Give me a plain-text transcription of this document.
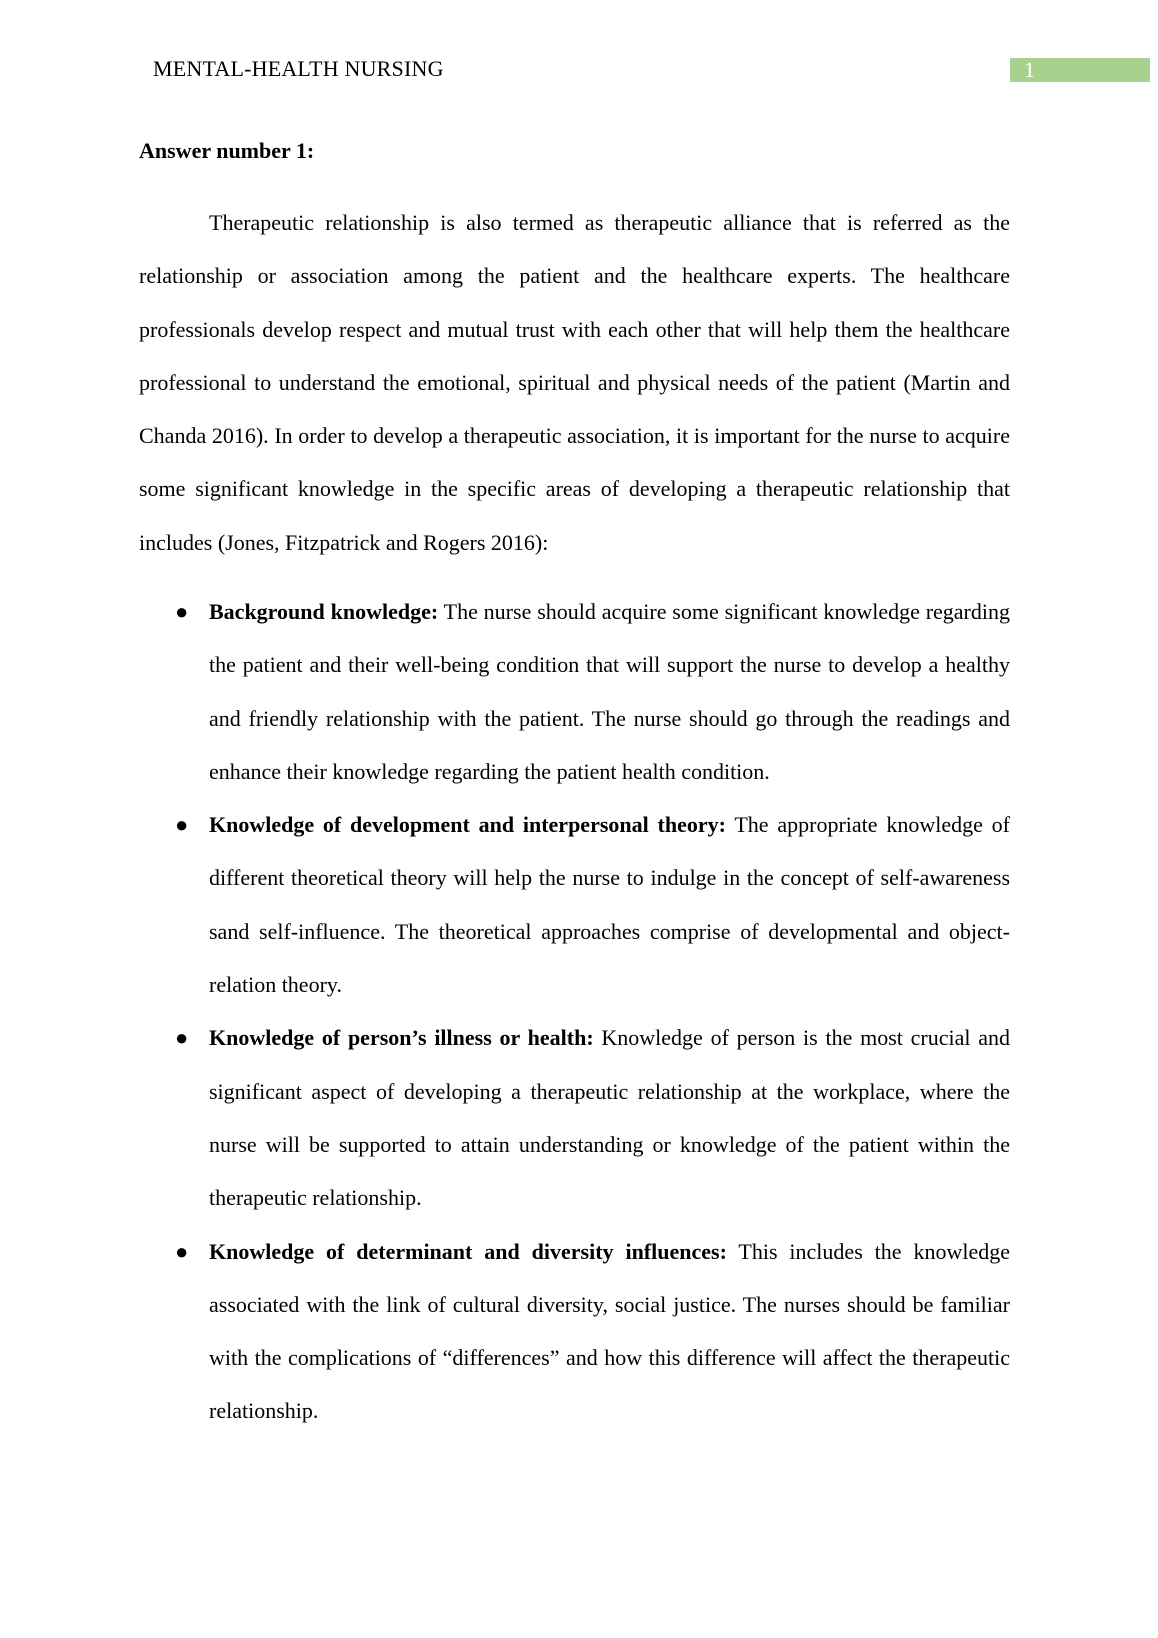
MENTAL-HEALTH NURSING	1

Answer number 1:

Therapeutic relationship is also termed as therapeutic alliance that is referred as the relationship or association among the patient and the healthcare experts. The healthcare professionals develop respect and mutual trust with each other that will help them the healthcare professional to understand the emotional, spiritual and physical needs of the patient (Martin and Chanda 2016). In order to develop a therapeutic association, it is important for the nurse to acquire some significant knowledge in the specific areas of developing a therapeutic relationship that includes (Jones, Fitzpatrick and Rogers 2016):

● Background knowledge: The nurse should acquire some significant knowledge regarding the patient and their well-being condition that will support the nurse to develop a healthy and friendly relationship with the patient. The nurse should go through the readings and enhance their knowledge regarding the patient health condition.
● Knowledge of development and interpersonal theory: The appropriate knowledge of different theoretical theory will help the nurse to indulge in the concept of self-awareness sand self-influence. The theoretical approaches comprise of developmental and object-relation theory.
● Knowledge of person’s illness or health: Knowledge of person is the most crucial and significant aspect of developing a therapeutic relationship at the workplace, where the nurse will be supported to attain understanding or knowledge of the patient within the therapeutic relationship.
● Knowledge of determinant and diversity influences: This includes the knowledge associated with the link of cultural diversity, social justice. The nurses should be familiar with the complications of “differences” and how this difference will affect the therapeutic relationship.
